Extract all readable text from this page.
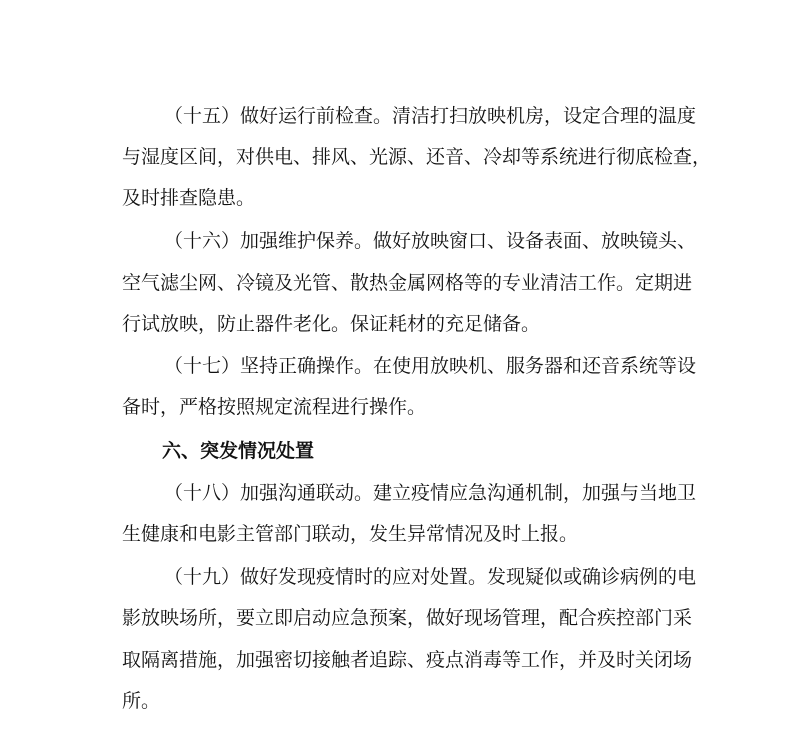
（十五）做好运行前检查。清洁打扫放映机房，设定合理的温度
与湿度区间，对供电、排风、光源、还音、冷却等系统进行彻底检查，
及时排查隐患。
（十六）加强维护保养。做好放映窗口、设备表面、放映镜头、
空气滤尘网、冷镜及光管、散热金属网格等的专业清洁工作。定期进
行试放映，防止器件老化。保证耗材的充足储备。
（十七）坚持正确操作。在使用放映机、服务器和还音系统等设
备时，严格按照规定流程进行操作。
六、突发情况处置
（十八）加强沟通联动。建立疫情应急沟通机制，加强与当地卫
生健康和电影主管部门联动，发生异常情况及时上报。
（十九）做好发现疫情时的应对处置。发现疑似或确诊病例的电
影放映场所，要立即启动应急预案，做好现场管理，配合疾控部门采
取隔离措施，加强密切接触者追踪、疫点消毒等工作，并及时关闭场
所。
